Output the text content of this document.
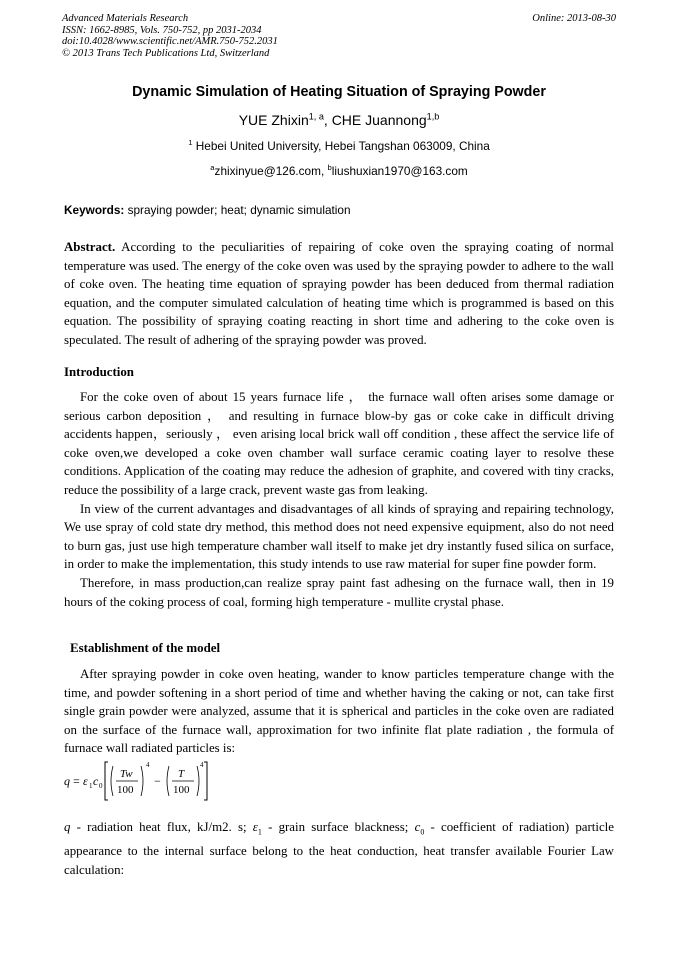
Advanced Materials Research
ISSN: 1662-8985, Vols. 750-752, pp 2031-2034
doi:10.4028/www.scientific.net/AMR.750-752.2031
© 2013 Trans Tech Publications Ltd, Switzerland
Online: 2013-08-30
Dynamic Simulation of Heating Situation of Spraying Powder
YUE Zhixin$^{1, a}$, CHE Juannong$^{1,b}$
$^1$ Hebei United University, Hebei Tangshan 063009, China
$^a$zhixinyue@126.com, $^b$liushuxian1970@163.com
Keywords: spraying powder; heat; dynamic simulation
Abstract. According to the peculiarities of repairing of coke oven the spraying coating of normal temperature was used. The energy of the coke oven was used by the spraying powder to adhere to the wall of coke oven. The heating time equation of spraying powder has been deduced from thermal radiation equation, and the computer simulated calculation of heating time which is programmed is based on this equation. The possibility of spraying coating reacting in short time and adhering to the coke oven is speculated. The result of adhering of the spraying powder was proved.
Introduction

For the coke oven of about 15 years furnace life ， the furnace wall often arises some damage or serious carbon deposition ， and resulting in furnace blow-by gas or coke cake in difficult driving accidents happen，seriously ， even arising local brick wall off condition , these affect the service life of coke oven,we developed a coke oven chamber wall surface ceramic coating layer to resolve these conditions. Application of the coating may reduce the adhesion of graphite, and covered with tiny cracks, reduce the possibility of a large crack, prevent waste gas from leaking.

In view of the current advantages and disadvantages of all kinds of spraying and repairing technology, We use spray of cold state dry method, this method does not need expensive equipment, also do not need to burn gas, just use high temperature chamber wall itself to make jet dry instantly fused silica on surface, in order to make the implementation, this study intends to use raw material for super fine powder form.

Therefore, in mass production,can realize spray paint fast adhesing on the furnace wall, then in 19 hours of the coking process of coal, forming high temperature - mullite crystal phase.

Establishment of the model

After spraying powder in coke oven heating, wander to know particles temperature change with the time, and powder softening in a short period of time and whether having the caking or not, can take first single grain powder were analyzed, assume that it is spherical and particles in the coke oven are radiated on the surface of the furnace wall, approximation for two infinite flat plate radiation , the formula of furnace wall radiated particles is:

q = ε 1 c 0
Tw
100
4
− T
100
4
q - radiation heat flux, kJ/m2. s; $\varepsilon_1$ - grain surface blackness; $c_0$ - coefficient of radiation) particle appearance to the internal surface belong to the heat conduction, heat transfer available Fourier Law calculation:
